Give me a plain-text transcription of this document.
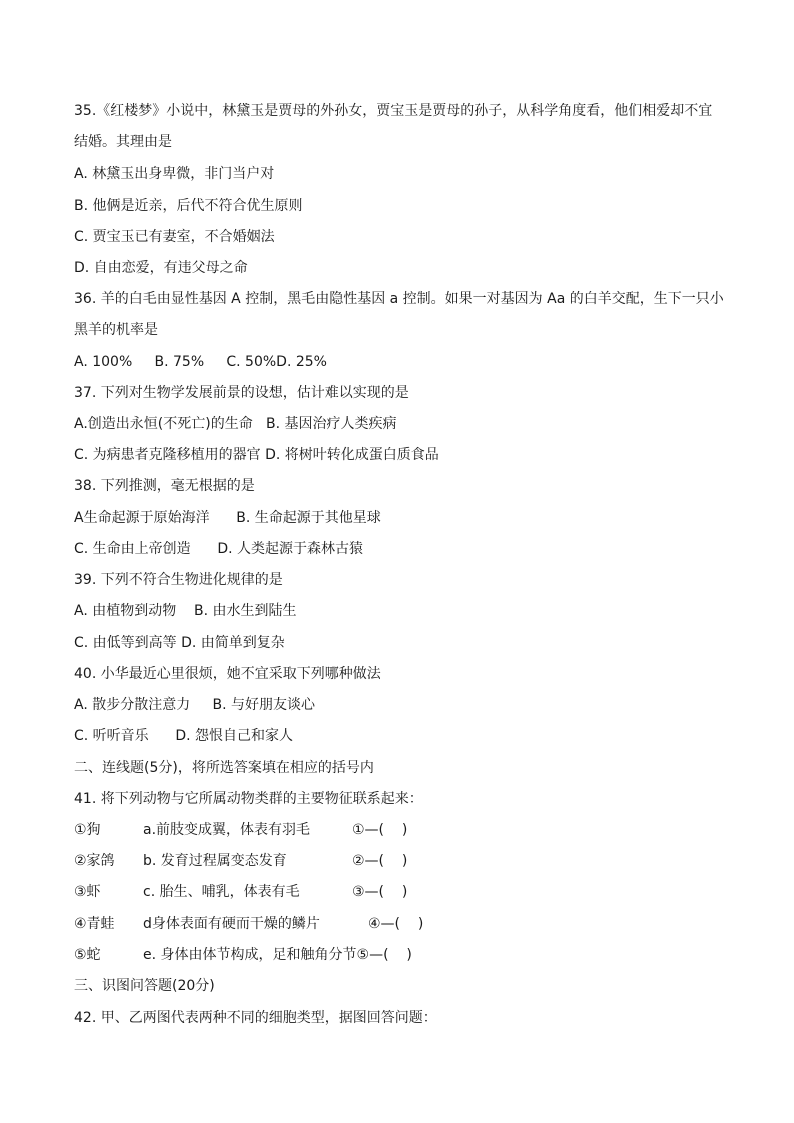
35.《红楼梦》小说中，林黛玉是贾母的外孙女，贾宝玉是贾母的孙子，从科学角度看，他们相爱却不宜
结婚。其理由是
A. 林黛玉出身卑微，非门当户对
B. 他俩是近亲，后代不符合优生原则
C. 贾宝玉已有妻室，不合婚姻法
D. 自由恋爱，有违父母之命
36. 羊的白毛由显性基因 A 控制，黑毛由隐性基因 a 控制。如果一对基因为 Aa 的白羊交配，生下一只小
黑羊的机率是
A. 100%     B. 75%     C. 50%D. 25%
37. 下列对生物学发展前景的设想，估计难以实现的是
A.创造出永恒(不死亡)的生命   B. 基因治疗人类疾病
C. 为病患者克隆移植用的器官 D. 将树叶转化成蛋白质食品
38. 下列推测，毫无根据的是
A生命起源于原始海洋      B. 生命起源于其他星球
C. 生命由上帝创造      D. 人类起源于森林古猿
39. 下列不符合生物进化规律的是
A. 由植物到动物    B. 由水生到陆生
C. 由低等到高等 D. 由简单到复杂
40. 小华最近心里很烦，她不宜采取下列哪种做法
A. 散步分散注意力     B. 与好朋友谈心
C. 听听音乐      D. 怨恨自己和家人
二、连线题(5分)，将所选答案填在相应的括号内
41. 将下列动物与它所属动物类群的主要物征联系起来：
①狗	a.前肢变成翼，体表有羽毛	①—(    )
②家鸽 b. 发育过程属变态发育	②—(    )
③虾	c. 胎生、哺乳，体表有毛	③—(    )
④青蛙 d身体表面有硬而干燥的鳞片	④—(    )
⑤蛇	e. 身体由体节构成，足和触角分节⑤—(    )
三、识图问答题(20分)
42. 甲、乙两图代表两种不同的细胞类型，据图回答问题：
